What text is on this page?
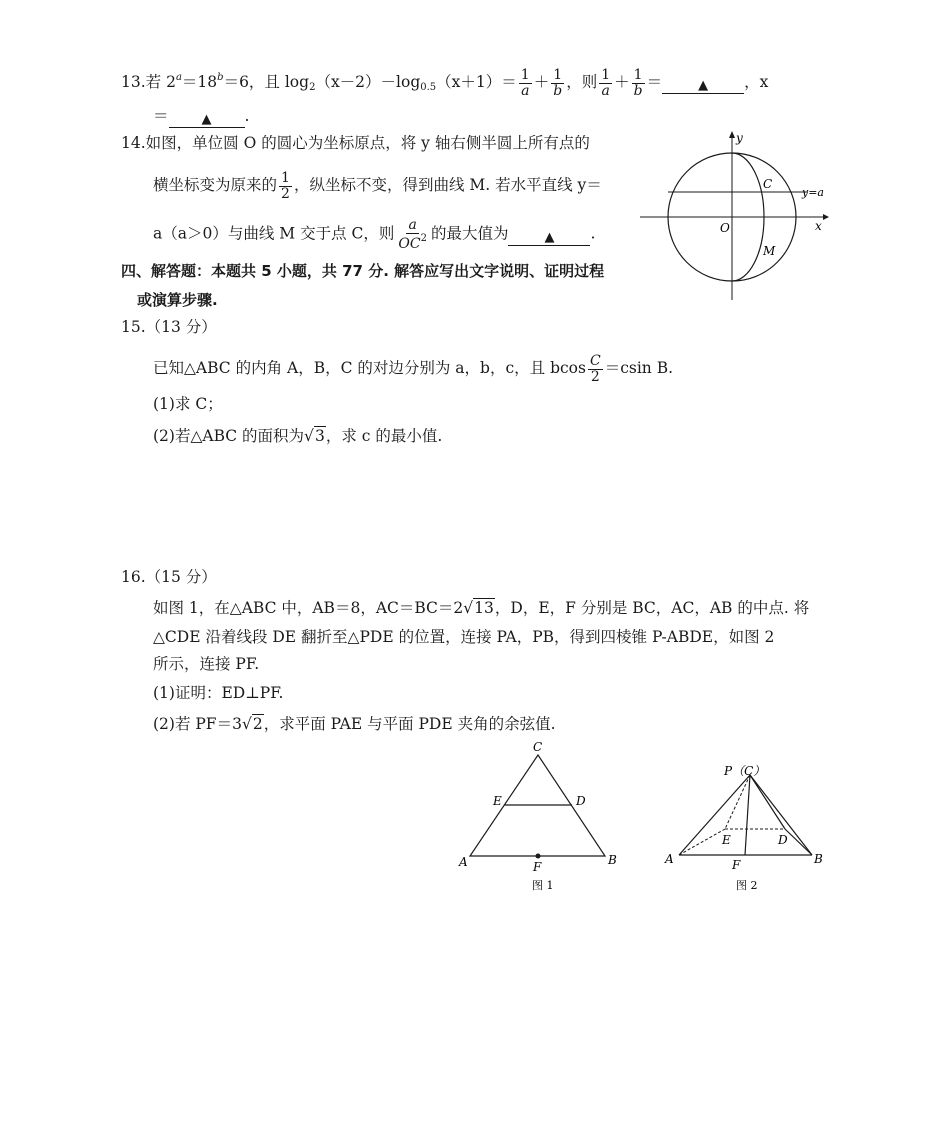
13.若 $2^a=18^b=6$，且 $\log_2(x-2)-\log_{0.5}(x+1)= \frac{1}{a} + \frac{1}{b}$ ，则 $\frac{1}{a} + \frac{1}{b}$ ＝	▲ ，x
＝	▲ .
14.如图，单位圆 O 的圆心为坐标原点，将 y 轴右侧半圆上所有点的
横坐标变为原来的 $\frac{1}{2}$ ，纵坐标不变，得到曲线 M. 若水平直线 y＝
a（a＞0）与曲线 M 交于点 C，则 $\frac{a}{OC^2}$ 的最大值为	▲ .
y
x
O
C
M
y=a
四、解答题：本题共 5 小题，共 77 分. 解答应写出文字说明、证明过程
或演算步骤.
15.（13 分）
已知△ABC 的内角 A，B，C 的对边分别为 a，b，c，且 bcos $\frac{C}{2} =csin$ B.
(1)求 C；
(2)若△ABC 的面积为√3，求 c 的最小值.
16.（15 分）
如图 1，在△ABC 中，AB＝8，AC＝BC＝2√13，D，E，F 分别是 BC，AC，AB 的中点. 将
△CDE 沿着线段 DE 翻折至△PDE 的位置，连接 PA，PB，得到四棱锥 P-ABDE，如图 2
所示，连接 PF.
(1)证明：ED⊥PF.
(2)若 PF＝3√2，求平面 PAE 与平面 PDE 夹角的余弦值.
C
E	D
A	F	B
图 1
P（C）
E	D
A	F	B
图 2
